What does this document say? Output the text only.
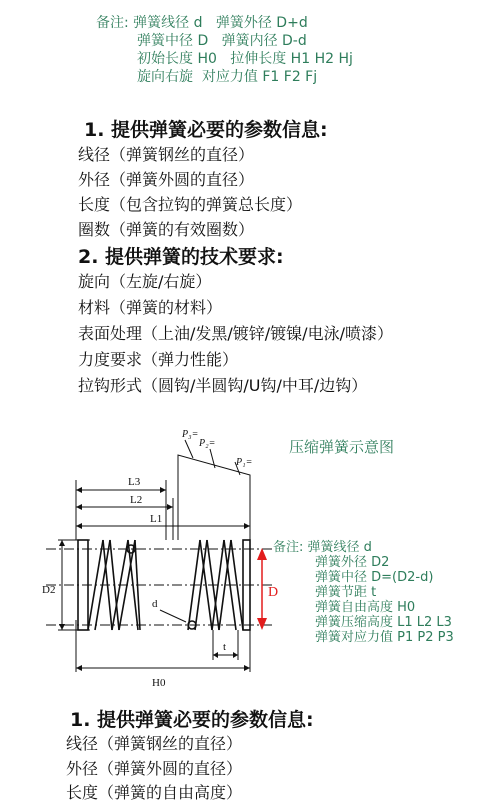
备注: 弹簧线径 d   弹簧外径 D+d
弹簧中径 D   弹簧内径 D-d
初始长度 H0   拉伸长度 H1 H2 Hj
旋向右旋  对应力值 F1 F2 Fj
1. 提供弹簧必要的参数信息:
线径（弹簧钢丝的直径）
外径（弹簧外圆的直径）
长度（包含拉钩的弹簧总长度）
圈数（弹簧的有效圈数）
2. 提供弹簧的技术要求:
旋向（左旋/右旋）
材料（弹簧的材料）
表面处理（上油/发黑/镀锌/镀镍/电泳/喷漆）
力度要求（弹力性能）
拉钩形式（圆钩/半圆钩/U钩/中耳/边钩）
压缩弹簧示意图
P₃=
P₂=
P₁=
L3
L2
L1
D2
d
t
H0
D
备注: 弹簧线径 d
弹簧外径 D2
弹簧中径 D=(D2-d)
弹簧节距 t
弹簧自由高度 H0
弹簧压缩高度 L1 L2 L3
弹簧对应力值 P1 P2 P3
1. 提供弹簧必要的参数信息:
线径（弹簧钢丝的直径）
外径（弹簧外圆的直径）
长度（弹簧的自由高度）
